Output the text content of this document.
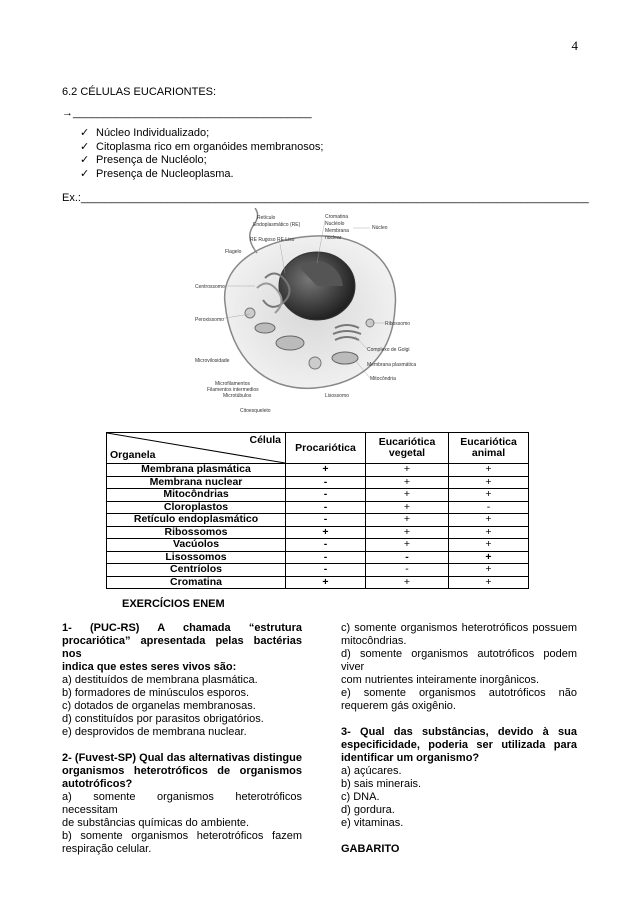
4
6.2 CÉLULAS EUCARIONTES:
→_______________________________________
✓ Núcleo Individualizado;
✓ Citoplasma rico em organóides membranosos;
✓ Presença de Nucléolo;
✓ Presença de Nucleoplasma.
Ex.:___________________________________________________________________________________
Retículo
Endoplasmático (RE)
RE Rugoso RE Liso
Flagelo
Cromatina
Nucléolo
Membrana
nuclear
Núcleo
Centrossomo
Peroxissomo
Ribossomo
Complexo de Golgi
Membrana plasmática
Microvilosidade
Mitocôndria
Microfilamentos
Filamentos intermedios
Microtúbulos	Lisossomo
Citoesqueleto
Célula
Organela	Procariótica	Eucariótica vegetal	Eucariótica animal
Membrana plasmática	+	+	+
Membrana nuclear	-	+	+
Mitocôndrias	-	+	+
Cloroplastos	-	+	-
Retículo endoplasmático	-	+	+
Ribossomos	+	+	+
Vacúolos	-	+	+
Lisossomos	-	-	+
Centríolos	-	-	+
Cromatina	+	+	+
EXERCÍCIOS ENEM

1- (PUC-RS) A chamada “estrutura

procariótica” apresentada pelas bactérias nos

indica que estes seres vivos são:

a) destituídos de membrana plasmática.

b) formadores de minúsculos esporos.

c) dotados de organelas membranosas.

d) constituídos por parasitos obrigatórios.

e) desprovidos de membrana nuclear.

2- (Fuvest-SP) Qual das alternativas distingue

organismos heterotróficos de organismos

autotróficos?

a) somente organismos heterotróficos necessitam

de substâncias químicas do ambiente.

b) somente organismos heterotróficos fazem

respiração celular.

c) somente organismos heterotróficos possuem

mitocôndrias.

d) somente organismos autotróficos podem viver

com nutrientes inteiramente inorgânicos.

e) somente organismos autotróficos não

requerem gás oxigênio.

3- Qual das substâncias, devido à sua

especificidade, poderia ser utilizada para

identificar um organismo?

a) açúcares.

b) sais minerais.

c) DNA.

d) gordura.

e) vitaminas.

GABARITO
